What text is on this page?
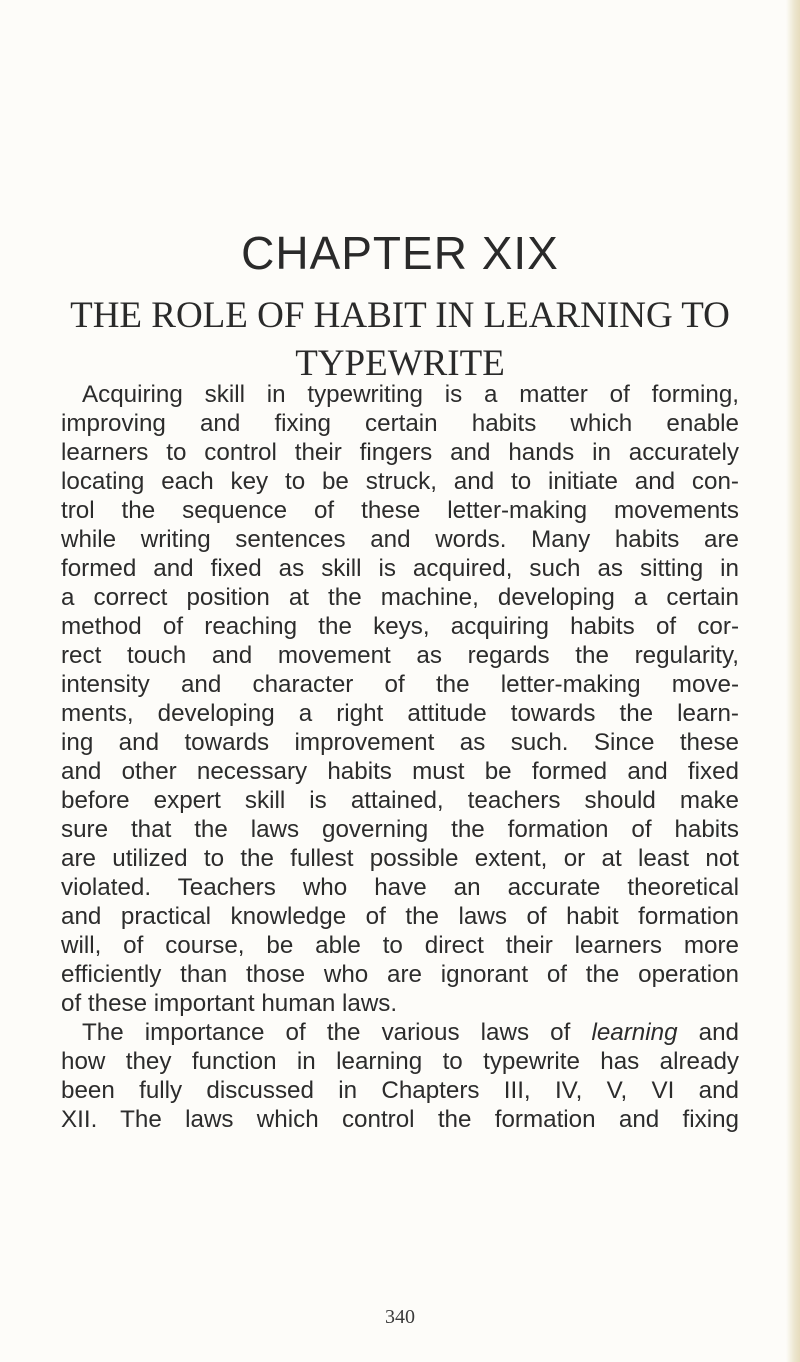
CHAPTER XIX
THE ROLE OF HABIT IN LEARNING TO
TYPEWRITE
Acquiring skill in typewriting is a matter of forming,
improving and fixing certain habits which enable
learners to control their fingers and hands in accurately
locating each key to be struck, and to initiate and con-
trol the sequence of these letter-making movements
while writing sentences and words. Many habits are
formed and fixed as skill is acquired, such as sitting in
a correct position at the machine, developing a certain
method of reaching the keys, acquiring habits of cor-
rect touch and movement as regards the regularity,
intensity and character of the letter-making move-
ments, developing a right attitude towards the learn-
ing and towards improvement as such. Since these
and other necessary habits must be formed and fixed
before expert skill is attained, teachers should make
sure that the laws governing the formation of habits
are utilized to the fullest possible extent, or at least not
violated. Teachers who have an accurate theoretical
and practical knowledge of the laws of habit formation
will, of course, be able to direct their learners more
efficiently than those who are ignorant of the operation
of these important human laws.
The importance of the various laws of learning and
how they function in learning to typewrite has already
been fully discussed in Chapters III, IV, V, VI and
XII. The laws which control the formation and fixing
340
